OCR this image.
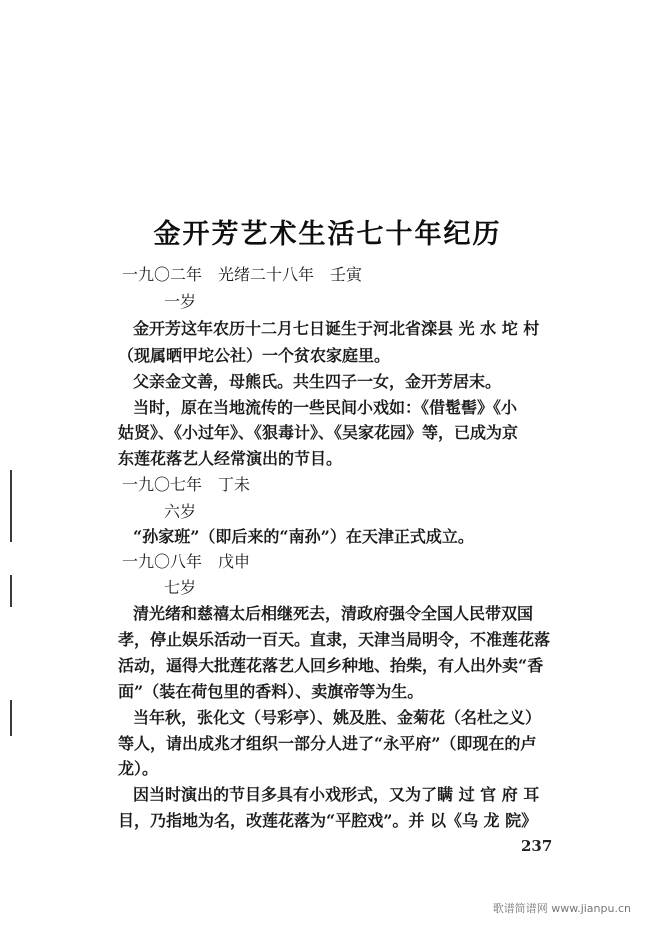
金开芳艺术生活七十年纪历
一九〇二年　光绪二十八年　壬寅
一岁
金开芳这年农历十二月七日诞生于河北省滦县 光 水 坨 村
（现属晒甲坨公社）一个贫农家庭里。
父亲金文善，母熊氏。共生四子一女，金开芳居末。
当时，原在当地流传的一些民间小戏如：《借髢髻》《小
姑贤》、《小过年》、《狠毒计》、《吴家花园》等，已成为京
东莲花落艺人经常演出的节目。
一九〇七年　丁未
六岁
“孙家班”（即后来的“南孙”）在天津正式成立。
一九〇八年　戊申
七岁
清光绪和慈禧太后相继死去，清政府强令全国人民带双国
孝，停止娱乐活动一百天。直隶，天津当局明令，不准莲花落
活动，逼得大批莲花落艺人回乡种地、抬柴，有人出外卖“香
面”（装在荷包里的香料）、卖旗帝等为生。
当年秋，张化文（号彩亭）、姚及胜、金菊花（名杜之义）
等人，请出成兆才组织一部分人进了“永平府”（即现在的卢
龙）。
因当时演出的节目多具有小戏形式，又为了瞒 过 官 府 耳
目，乃指地为名，改莲花落为“平腔戏”。并 以《乌 龙 院》
237
歌谱简谱网 www.jianpu.cn
